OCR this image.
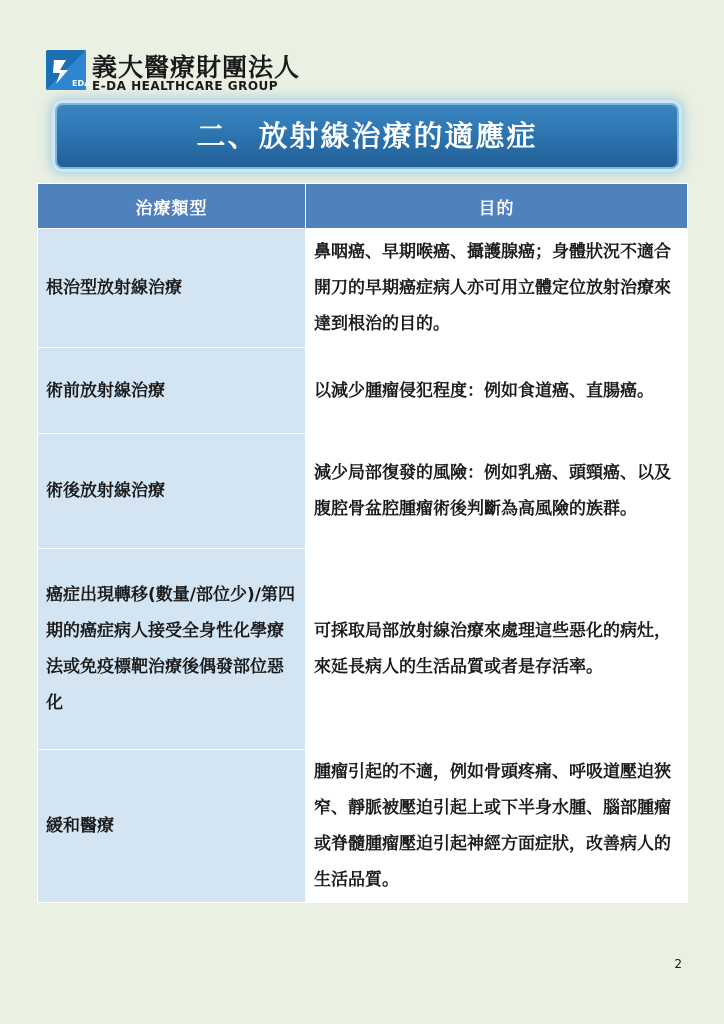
EDA
義大醫療財團法人
E-DA HEALTHCARE GROUP
二、放射線治療的適應症
治療類型	目的
根治型放射線治療	鼻咽癌、早期喉癌、攝護腺癌；身體狀況不適合開刀的早期癌症病人亦可用立體定位放射治療來達到根治的目的。
術前放射線治療	以減少腫瘤侵犯程度：例如食道癌、直腸癌。
術後放射線治療	減少局部復發的風險：例如乳癌、頭頸癌、以及腹腔骨盆腔腫瘤術後判斷為高風險的族群。
癌症出現轉移(數量/部位少)/第四期的癌症病人接受全身性化學療法或免疫標靶治療後偶發部位惡化	可採取局部放射線治療來處理這些惡化的病灶，來延長病人的生活品質或者是存活率。
緩和醫療	腫瘤引起的不適，例如骨頭疼痛、呼吸道壓迫狹窄、靜脈被壓迫引起上或下半身水腫、腦部腫瘤或脊髓腫瘤壓迫引起神經方面症狀，改善病人的生活品質。
2
